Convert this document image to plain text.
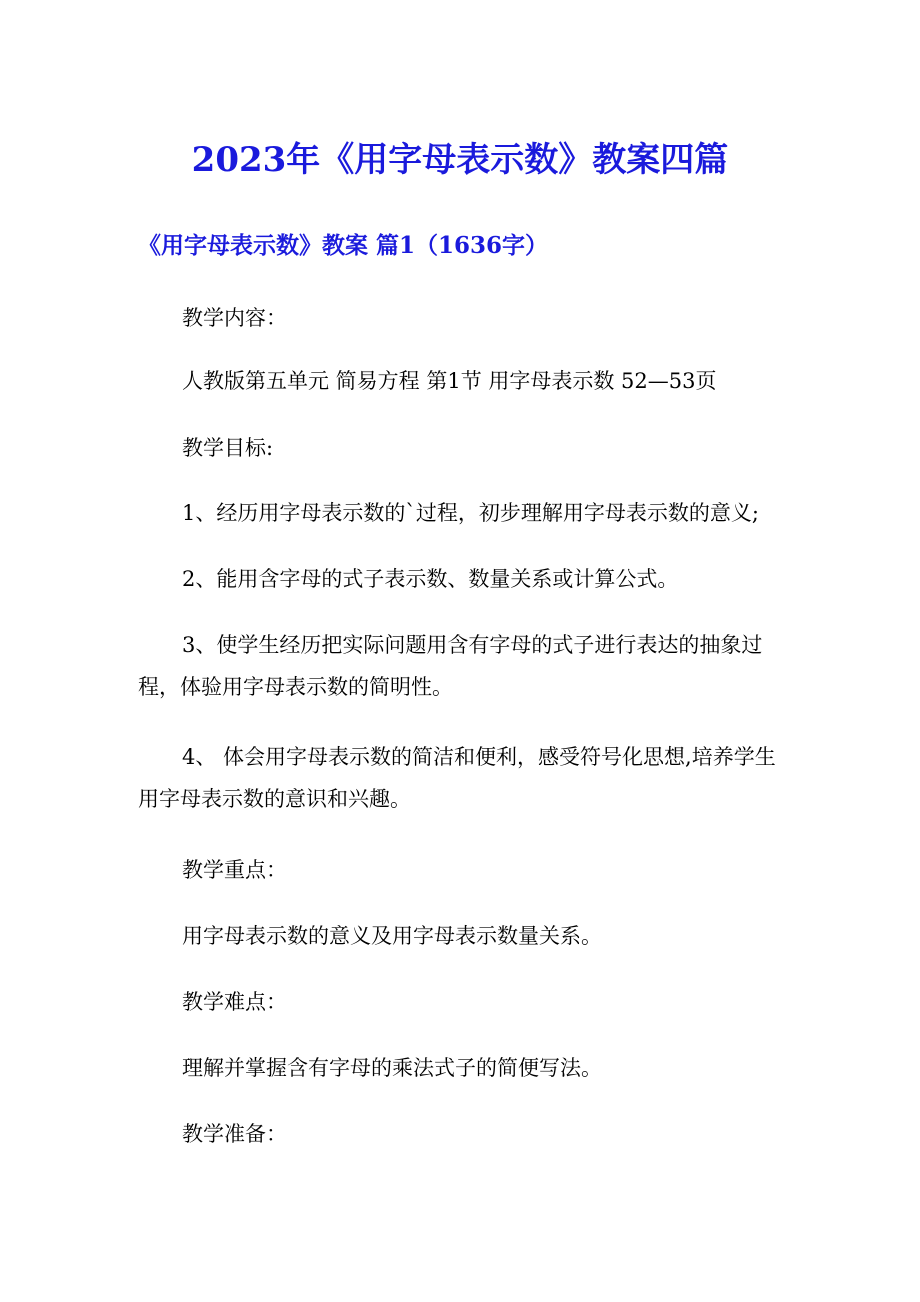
2023年《用字母表示数》教案四篇
《用字母表示数》教案 篇1（1636字）

教学内容：

人教版第五单元 简易方程 第1节 用字母表示数 52—53页

教学目标:

1、经历用字母表示数的`过程，初步理解用字母表示数的意义;

2、能用含字母的式子表示数、数量关系或计算公式。

3、使学生经历把实际问题用含有字母的式子进行表达的抽象过程，体验用字母表示数的简明性。

4、 体会用字母表示数的简洁和便利，感受符号化思想,培养学生用字母表示数的意识和兴趣。

教学重点：

用字母表示数的意义及用字母表示数量关系。

教学难点：

理解并掌握含有字母的乘法式子的简便写法。

教学准备：
